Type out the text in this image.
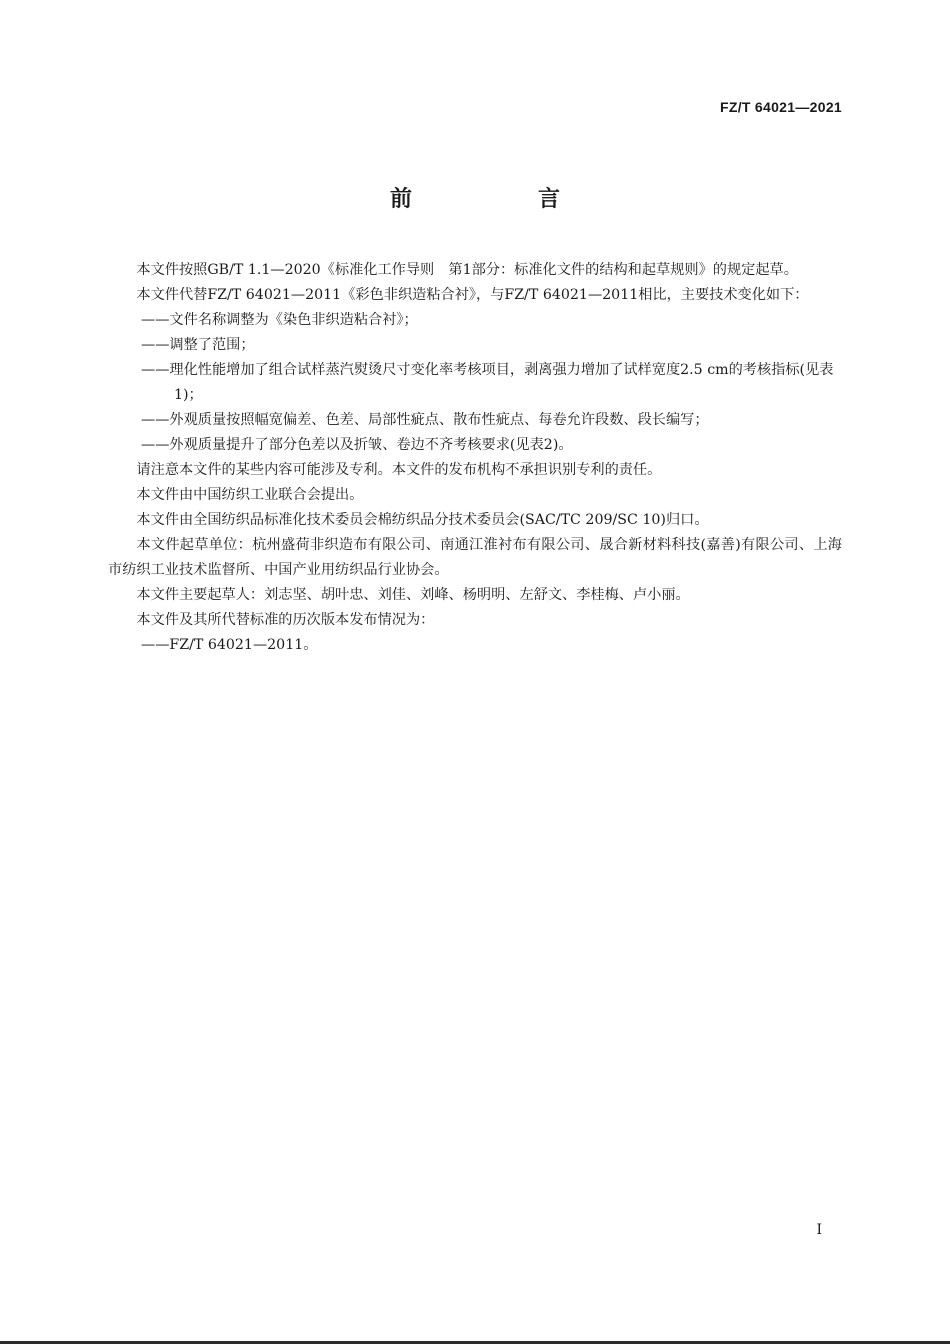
FZ/T 64021—2021
前　言

本文件按照GB/T 1.1—2020《标准化工作导则　第1部分：标准化文件的结构和起草规则》的规定起草。

本文件代替FZ/T 64021—2011《彩色非织造粘合衬》，与FZ/T 64021—2011相比，主要技术变化如下：

——文件名称调整为《染色非织造粘合衬》；

——调整了范围；

——理化性能增加了组合试样蒸汽熨烫尺寸变化率考核项目，剥离强力增加了试样宽度2.5 cm的考核指标(见表1)；

——外观质量按照幅宽偏差、色差、局部性疵点、散布性疵点、每卷允许段数、段长编写；

——外观质量提升了部分色差以及折皱、卷边不齐考核要求(见表2)。

请注意本文件的某些内容可能涉及专利。本文件的发布机构不承担识别专利的责任。

本文件由中国纺织工业联合会提出。

本文件由全国纺织品标准化技术委员会棉纺织品分技术委员会(SAC/TC 209/SC 10)归口。

本文件起草单位：杭州盛荷非织造布有限公司、南通江淮衬布有限公司、晟合新材料科技(嘉善)有限公司、上海市纺织工业技术监督所、中国产业用纺织品行业协会。

本文件主要起草人：刘志坚、胡叶忠、刘佳、刘峰、杨明明、左舒文、李桂梅、卢小丽。

本文件及其所代替标准的历次版本发布情况为：

——FZ/T 64021—2011。

I
